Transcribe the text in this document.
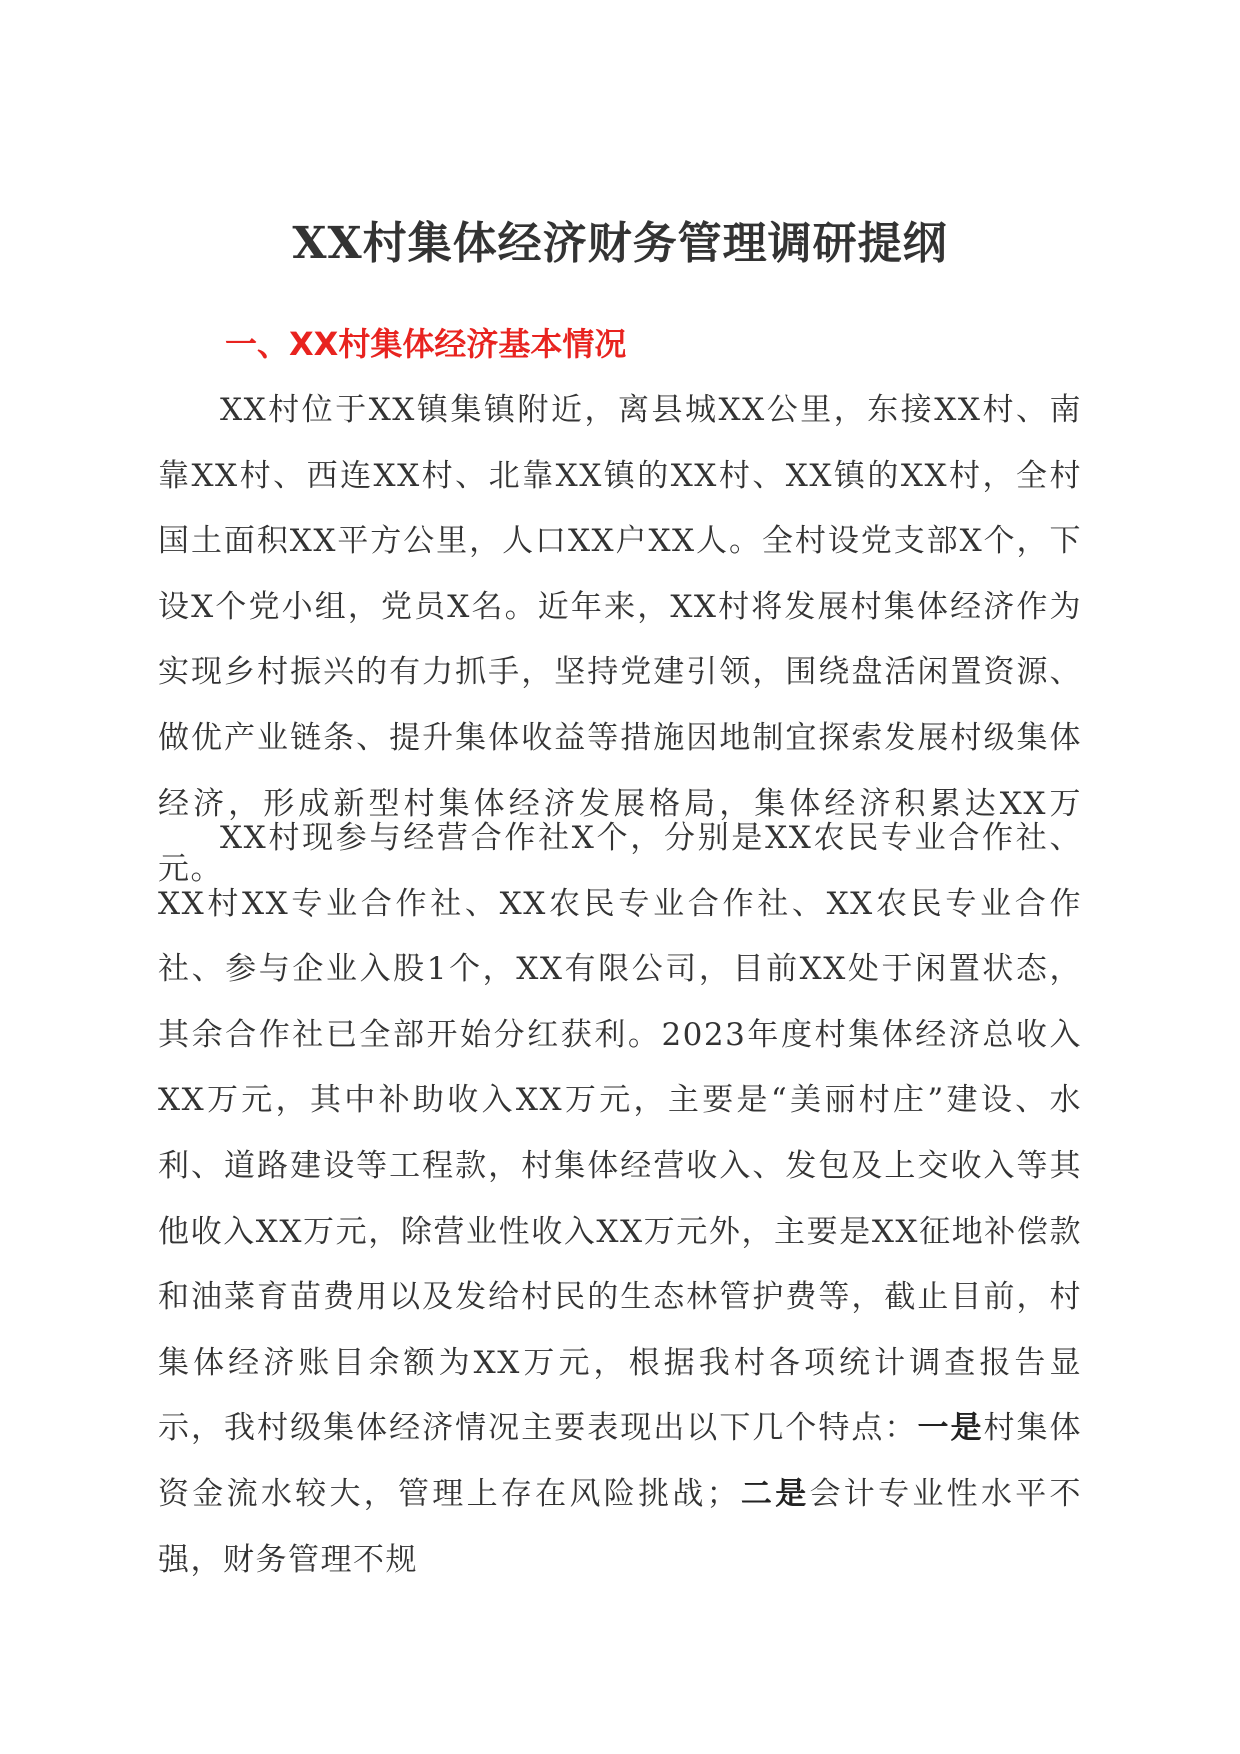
XX村集体经济财务管理调研提纲
一、XX村集体经济基本情况

XX村位于XX镇集镇附近，离县城XX公里，东接XX村、南靠XX村、西连XX村、北靠XX镇的XX村、XX镇的XX村，全村国土面积XX平方公里，人口XX户XX人。全村设党支部X个，下设X个党小组，党员X名。近年来，XX村将发展村集体经济作为实现乡村振兴的有力抓手，坚持党建引领，围绕盘活闲置资源、做优产业链条、提升集体收益等措施因地制宜探索发展村级集体经济，形成新型村集体经济发展格局，集体经济积累达XX万元。

XX村现参与经营合作社X个，分别是XX农民专业合作社、XX村XX专业合作社、XX农民专业合作社、XX农民专业合作社、参与企业入股1个，XX有限公司，目前XX处于闲置状态，其余合作社已全部开始分红获利。2023年度村集体经济总收入XX万元，其中补助收入XX万元，主要是“美丽村庄”建设、水利、道路建设等工程款，村集体经营收入、发包及上交收入等其他收入XX万元，除营业性收入XX万元外，主要是XX征地补偿款和油菜育苗费用以及发给村民的生态林管护费等，截止目前，村集体经济账目余额为XX万元，根据我村各项统计调查报告显示，我村级集体经济情况主要表现出以下几个特点：一是村集体资金流水较大，管理上存在风险挑战；二是会计专业性水平不强，财务管理不规
